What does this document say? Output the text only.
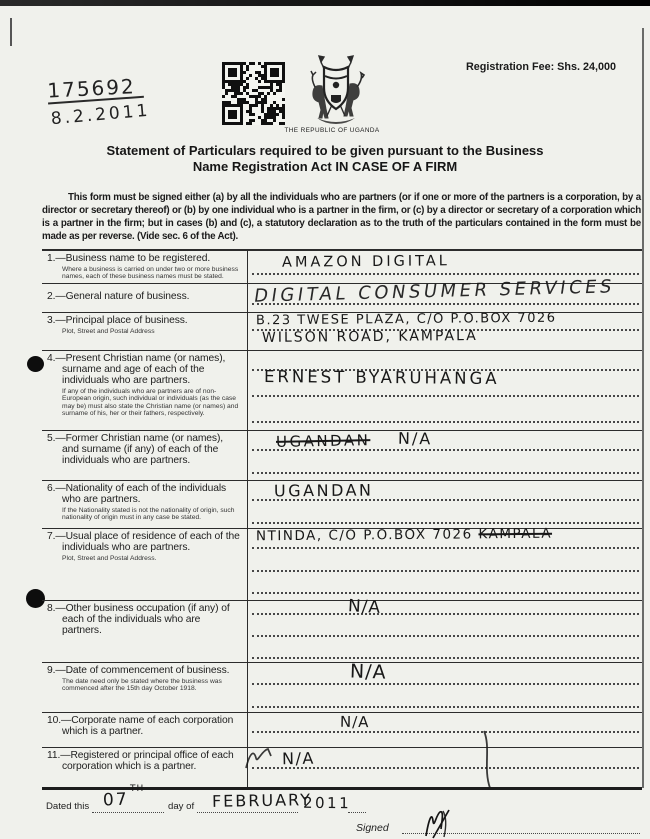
175692
8.2.2011
THE REPUBLIC OF UGANDA
Registration Fee: Shs. 24,000
Statement of Particulars required to be given pursuant to the Business
Name Registration Act IN CASE OF A FIRM
This form must be signed either (a) by all the individuals who are partners (or if one or more of the partners is a corporation, by a director or secretary thereof) or (b) by one individual who is a partner in the firm, or (c) by a director or secretary of a corporation which is a partner in the firm; but in cases (b) and (c), a statutory declaration as to the truth of the particulars contained in the form must be made as per reverse. (Vide sec. 6 of the Act).
1.—Business name to be registered.
Where a business is carried on under two or more business names, each of these business names must be stated.
AMAZON DIGITAL
2.—General nature of business.	DIGITAL CONSUMER SERVICES
3.—Principal place of business.
Plot, Street and Postal Address
B.23 TWESE PLAZA, C/O P.O.BOX 7026
WILSON ROAD, KAMPALA
4.—Present Christian name (or names), surname and age of each of the individuals who are partners.
If any of the individuals who are partners are of non-European origin, such individual or individuals (as the case may be) must also state the Christian name (or names) and surname of his, her or their fathers, respectively.
ERNEST BYARUHANGA
5.—Former Christian name (or names), and surname (if any) of each of the individuals who are partners.
UGANDAN N/A
6.—Nationality of each of the individuals who are partners.
If the Nationality stated is not the nationality of origin, such nationality of origin must in any case be stated.
UGANDAN
7.—Usual place of residence of each of the individuals who are partners.
Plot, Street and Postal Address.
NTINDA, C/O P.O.BOX 7026 KAMPALA
8.—Other business occupation (if any) of each of the individuals who are partners.
N/A
9.—Date of commencement of business.
The date need only be stated where the business was commenced after the 15th day October 1918.
N/A
10.—Corporate name of each corporation which is a partner.
N/A
11.—Registered or principal office of each corporation which is a partner.	N/A
Dated this 07
TH
day of FEBRUARY
2011
Signed
